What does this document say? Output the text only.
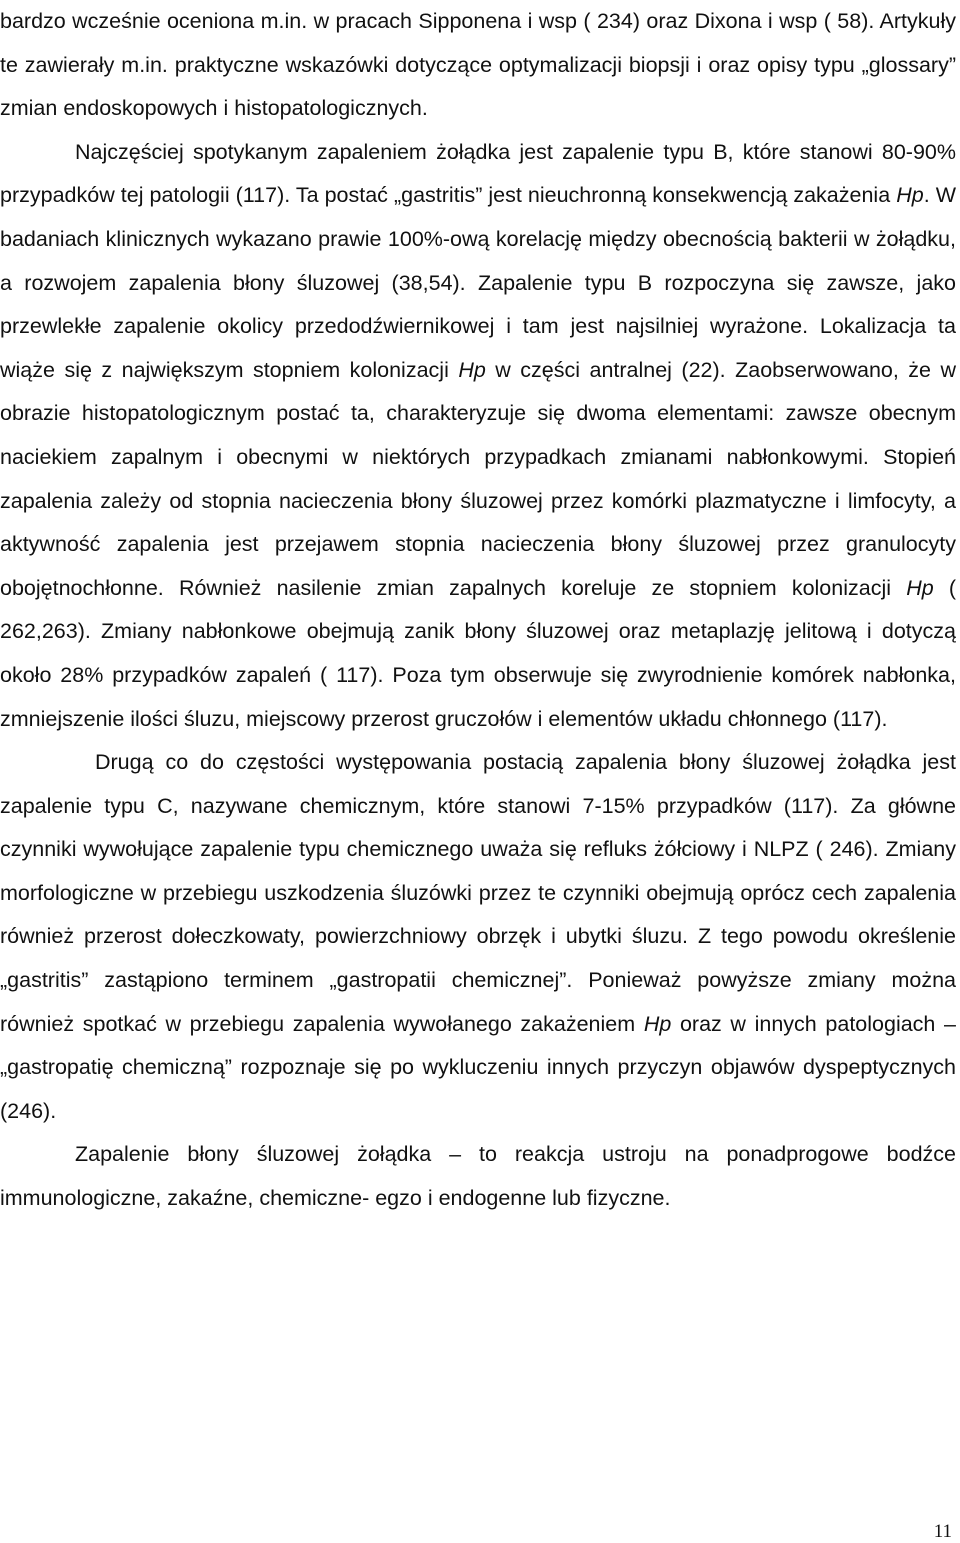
bardzo wcześnie oceniona m.in. w pracach Sipponena i wsp ( 234) oraz Dixona i wsp ( 58). Artykuły te zawierały m.in. praktyczne wskazówki dotyczące optymalizacji biopsji i oraz opisy typu „glossary” zmian endoskopowych i histopatologicznych.

Najczęściej spotykanym zapaleniem żołądka jest zapalenie typu B, które stanowi 80-90% przypadków tej patologii (117). Ta postać „gastritis” jest nieuchronną konsekwencją zakażenia Hp. W badaniach klinicznych wykazano prawie 100%-ową korelację między obecnością bakterii w żołądku, a rozwojem zapalenia błony śluzowej (38,54). Zapalenie typu B rozpoczyna się zawsze, jako przewlekłe zapalenie okolicy przedodźwiernikowej i tam jest najsilniej wyrażone. Lokalizacja ta wiąże się z największym stopniem kolonizacji Hp w części antralnej (22). Zaobserwowano, że w obrazie histopatologicznym postać ta, charakteryzuje się dwoma elementami: zawsze obecnym naciekiem zapalnym i obecnymi w niektórych przypadkach zmianami nabłonkowymi. Stopień zapalenia zależy od stopnia nacieczenia błony śluzowej przez komórki plazmatyczne i limfocyty, a aktywność zapalenia jest przejawem stopnia nacieczenia błony śluzowej przez granulocyty obojętnochłonne. Również nasilenie zmian zapalnych koreluje ze stopniem kolonizacji Hp ( 262,263). Zmiany nabłonkowe obejmują zanik błony śluzowej oraz metaplazję jelitową i dotyczą około 28% przypadków zapaleń ( 117). Poza tym obserwuje się zwyrodnienie komórek nabłonka, zmniejszenie ilości śluzu, miejscowy przerost gruczołów i elementów układu chłonnego (117).

Drugą co do częstości występowania postacią zapalenia błony śluzowej żołądka jest zapalenie typu C, nazywane chemicznym, które stanowi 7-15% przypadków (117). Za główne czynniki wywołujące zapalenie typu chemicznego uważa się refluks żółciowy i NLPZ ( 246). Zmiany morfologiczne w przebiegu uszkodzenia śluzówki przez te czynniki obejmują oprócz cech zapalenia również przerost dołeczkowaty, powierzchniowy obrzęk i ubytki śluzu. Z tego powodu określenie „gastritis” zastąpiono terminem „gastropatii chemicznej”. Ponieważ powyższe zmiany można również spotkać w przebiegu zapalenia wywołanego zakażeniem Hp oraz w innych patologiach – „gastropatię chemiczną” rozpoznaje się po wykluczeniu innych przyczyn objawów dyspeptycznych (246).

Zapalenie błony śluzowej żołądka – to reakcja ustroju na ponadprogowe bodźce immunologiczne, zakaźne, chemiczne- egzo i endogenne lub fizyczne.

11
